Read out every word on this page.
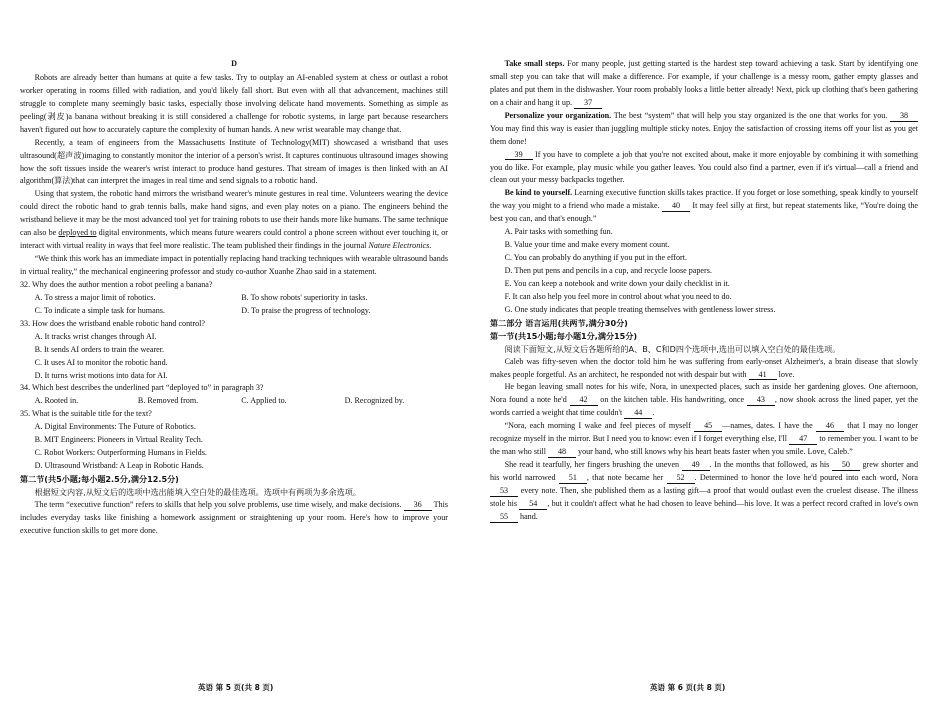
D

Robots are already better than humans at quite a few tasks. Try to outplay an AI-enabled system at chess or outlast a robot worker operating in rooms filled with radiation, and you'd likely fall short. But even with all that advancement, machines still struggle to complete many seemingly basic tasks, especially those involving delicate hand movements. Something as simple as peeling(剥皮)a banana without breaking it is still considered a challenge for robotic systems, in large part because researchers haven't figured out how to accurately capture the complexity of human hands. A new wrist wearable may change that.

Recently, a team of engineers from the Massachusetts Institute of Technology(MIT) showcased a wristband that uses ultrasound(超声波)imaging to constantly monitor the interior of a person's wrist. It captures continuous ultrasound images showing how the soft tissues inside the wearer's wrist interact to produce hand gestures. That stream of images is then linked with an AI algorithm(算法)that can interpret the images in real time and send signals to a robotic hand.

Using that system, the robotic hand mirrors the wristband wearer's minute gestures in real time. Volunteers wearing the device could direct the robotic hand to grab tennis balls, make hand signs, and even play notes on a piano. The engineers behind the wristband believe it may be the most advanced tool yet for training robots to use their hands more like humans. The same technique can also be deployed to digital environments, which means future wearers could control a phone screen without ever touching it, or interact with virtual reality in ways that feel more realistic. The team published their findings in the journal Nature Electronics.

“We think this work has an immediate impact in potentially replacing hand tracking techniques with wearable ultrasound bands in virtual reality,” the mechanical engineering professor and study co-author Xuanhe Zhao said in a statement.

32. Why does the author mention a robot peeling a banana?
A. To stress a major limit of robotics.	B. To show robots' superiority in tasks.
C. To indicate a simple task for humans.	D. To praise the progress of technology.
33. How does the wristband enable robotic hand control?
A. It tracks wrist changes through AI.
B. It sends AI orders to train the wearer.
C. It uses AI to monitor the robotic hand.
D. It turns wrist motions into data for AI.
34. Which best describes the underlined part “deployed to” in paragraph 3?
A. Rooted in.	B. Removed from.	C. Applied to.	D. Recognized by.
35. What is the suitable title for the text?
A. Digital Environments: The Future of Robotics.
B. MIT Engineers: Pioneers in Virtual Reality Tech.
C. Robot Workers: Outperforming Humans in Fields.
D. Ultrasound Wristband: A Leap in Robotic Hands.
第二节(共5小题;每小题2.5分,满分12.5分)

根据短文内容,从短文后的选项中选出能填入空白处的最佳选项。选项中有两项为多余选项。

The term “executive function” refers to skills that help you solve problems, use time wisely, and make decisions. 36 This includes everyday tasks like finishing a homework assignment or straightening up your room. Here's how to improve your executive function skills to get more done.

英语 第 5 页(共 8 页)

Take small steps. For many people, just getting started is the hardest step toward achieving a task. Start by identifying one small step you can take that will make a difference. For example, if your challenge is a messy room, gather empty glasses and plates and put them in the dishwasher. Your room probably looks a little better already! Next, pick up clothing that's been gathering on a chair and hang it up. 37

Personalize your organization. The best “system” that will help you stay organized is the one that works for you. 38 You may find this way is easier than juggling multiple sticky notes. Enjoy the satisfaction of crossing items off your list as you get them done!

39 If you have to complete a job that you're not excited about, make it more enjoyable by combining it with something you do like. For example, play music while you gather leaves. You could also find a partner, even if it's virtual—call a friend and clean out your messy backpacks together.

Be kind to yourself. Learning executive function skills takes practice. If you forget or lose something, speak kindly to yourself the way you might to a friend who made a mistake. 40 It may feel silly at first, but repeat statements like, “You're doing the best you can, and that's enough.”

A. Pair tasks with something fun.
B. Value your time and make every moment count.
C. You can probably do anything if you put in the effort.
D. Then put pens and pencils in a cup, and recycle loose papers.
E. You can keep a notebook and write down your daily checklist in it.
F. It can also help you feel more in control about what you need to do.
G. One study indicates that people treating themselves with gentleness lower stress.
第二部分 语言运用(共两节,满分30分)
第一节(共15小题;每小题1分,满分15分)

阅读下面短文,从短文后各题所给的A、B、C和D四个选项中,选出可以填入空白处的最佳选项。

Caleb was fifty-seven when the doctor told him he was suffering from early-onset Alzheimer's, a brain disease that slowly makes people forgetful. As an architect, he responded not with despair but with 41 love.

He began leaving small notes for his wife, Nora, in unexpected places, such as inside her gardening gloves. One afternoon, Nora found a note he'd 42 on the kitchen table. His handwriting, once 43 , now shook across the lined paper, yet the words carried a weight that time couldn't 44 .

“Nora, each morning I wake and feel pieces of myself 45 —names, dates. I have the 46 that I may no longer recognize myself in the mirror. But I need you to know: even if I forget everything else, I'll 47 to remember you. I want to be the man who still 48 your hand, who still knows why his heart beats faster when you smile. Love, Caleb.”

She read it tearfully, her fingers brushing the uneven 49 . In the months that followed, as his 50 grew shorter and his world narrowed 51 , that note became her 52 . Determined to honor the love he'd poured into each word, Nora 53 every note. Then, she published them as a lasting gift—a proof that would outlast even the cruelest disease. The illness stole his 54 , but it couldn't affect what he had chosen to leave behind—his love. It was a perfect record crafted in love's own 55 hand.

英语 第 6 页(共 8 页)
